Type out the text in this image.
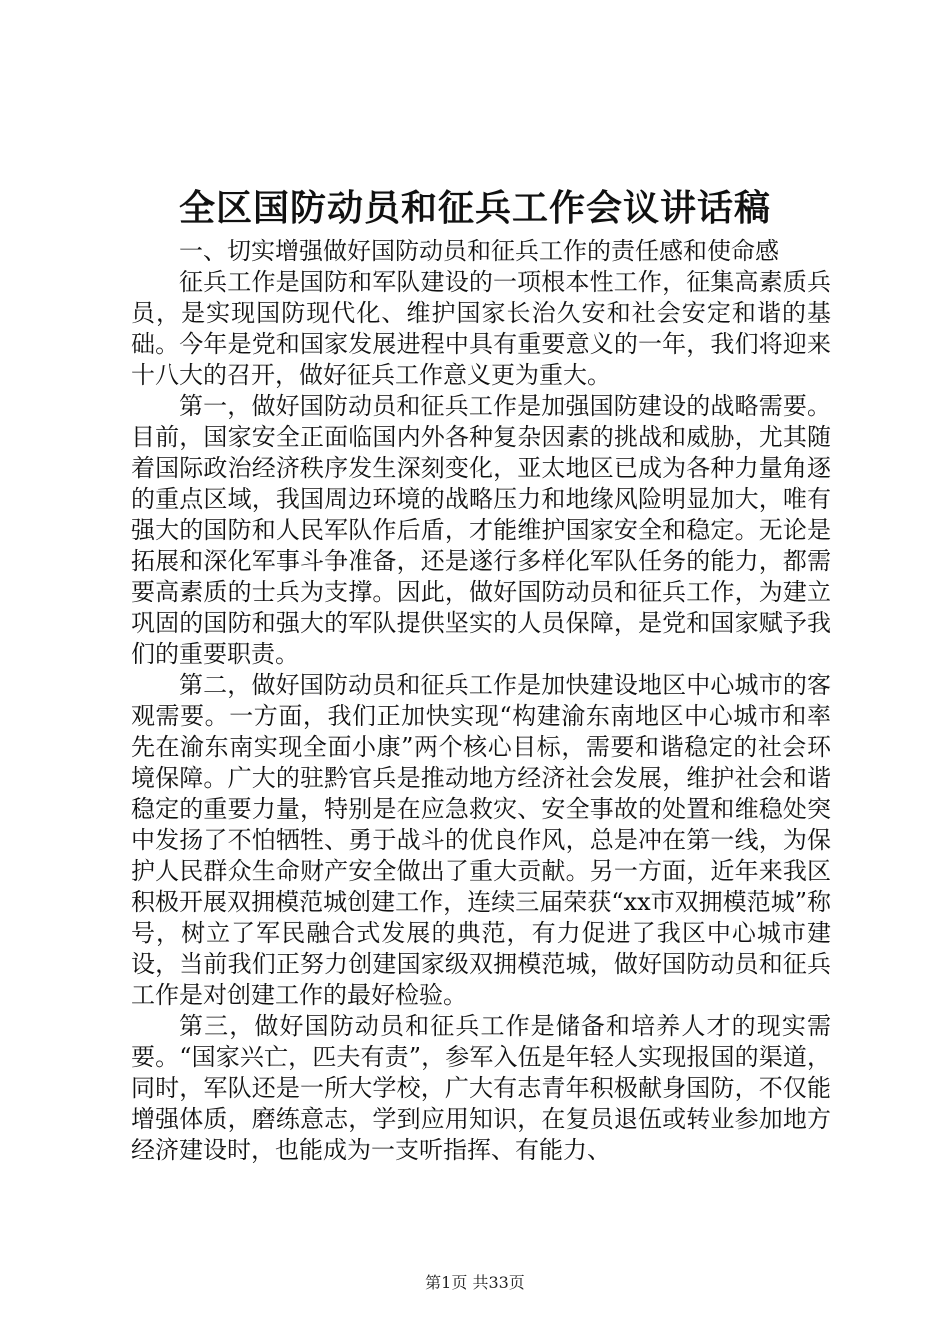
全区国防动员和征兵工作会议讲话稿

一、切实增强做好国防动员和征兵工作的责任感和使命感

征兵工作是国防和军队建设的一项根本性工作，征集高素质兵员，是实现国防现代化、维护国家长治久安和社会安定和谐的基础。今年是党和国家发展进程中具有重要意义的一年，我们将迎来十八大的召开，做好征兵工作意义更为重大。

第一，做好国防动员和征兵工作是加强国防建设的战略需要。目前，国家安全正面临国内外各种复杂因素的挑战和威胁，尤其随着国际政治经济秩序发生深刻变化，亚太地区已成为各种力量角逐的重点区域，我国周边环境的战略压力和地缘风险明显加大，唯有强大的国防和人民军队作后盾，才能维护国家安全和稳定。无论是拓展和深化军事斗争准备，还是遂行多样化军队任务的能力，都需要高素质的士兵为支撑。因此，做好国防动员和征兵工作，为建立巩固的国防和强大的军队提供坚实的人员保障，是党和国家赋予我们的重要职责。

第二，做好国防动员和征兵工作是加快建设地区中心城市的客观需要。一方面，我们正加快实现“构建渝东南地区中心城市和率先在渝东南实现全面小康”两个核心目标，需要和谐稳定的社会环境保障。广大的驻黔官兵是推动地方经济社会发展，维护社会和谐稳定的重要力量，特别是在应急救灾、安全事故的处置和维稳处突中发扬了不怕牺牲、勇于战斗的优良作风，总是冲在第一线，为保护人民群众生命财产安全做出了重大贡献。另一方面，近年来我区积极开展双拥模范城创建工作，连续三届荣获“xx市双拥模范城”称号，树立了军民融合式发展的典范，有力促进了我区中心城市建设，当前我们正努力创建国家级双拥模范城，做好国防动员和征兵工作是对创建工作的最好检验。

第三，做好国防动员和征兵工作是储备和培养人才的现实需要。“国家兴亡，匹夫有责”，参军入伍是年轻人实现报国的渠道，同时，军队还是一所大学校，广大有志青年积极献身国防，不仅能增强体质，磨练意志，学到应用知识，在复员退伍或转业参加地方经济建设时，也能成为一支听指挥、有能力、

第1页 共33页
